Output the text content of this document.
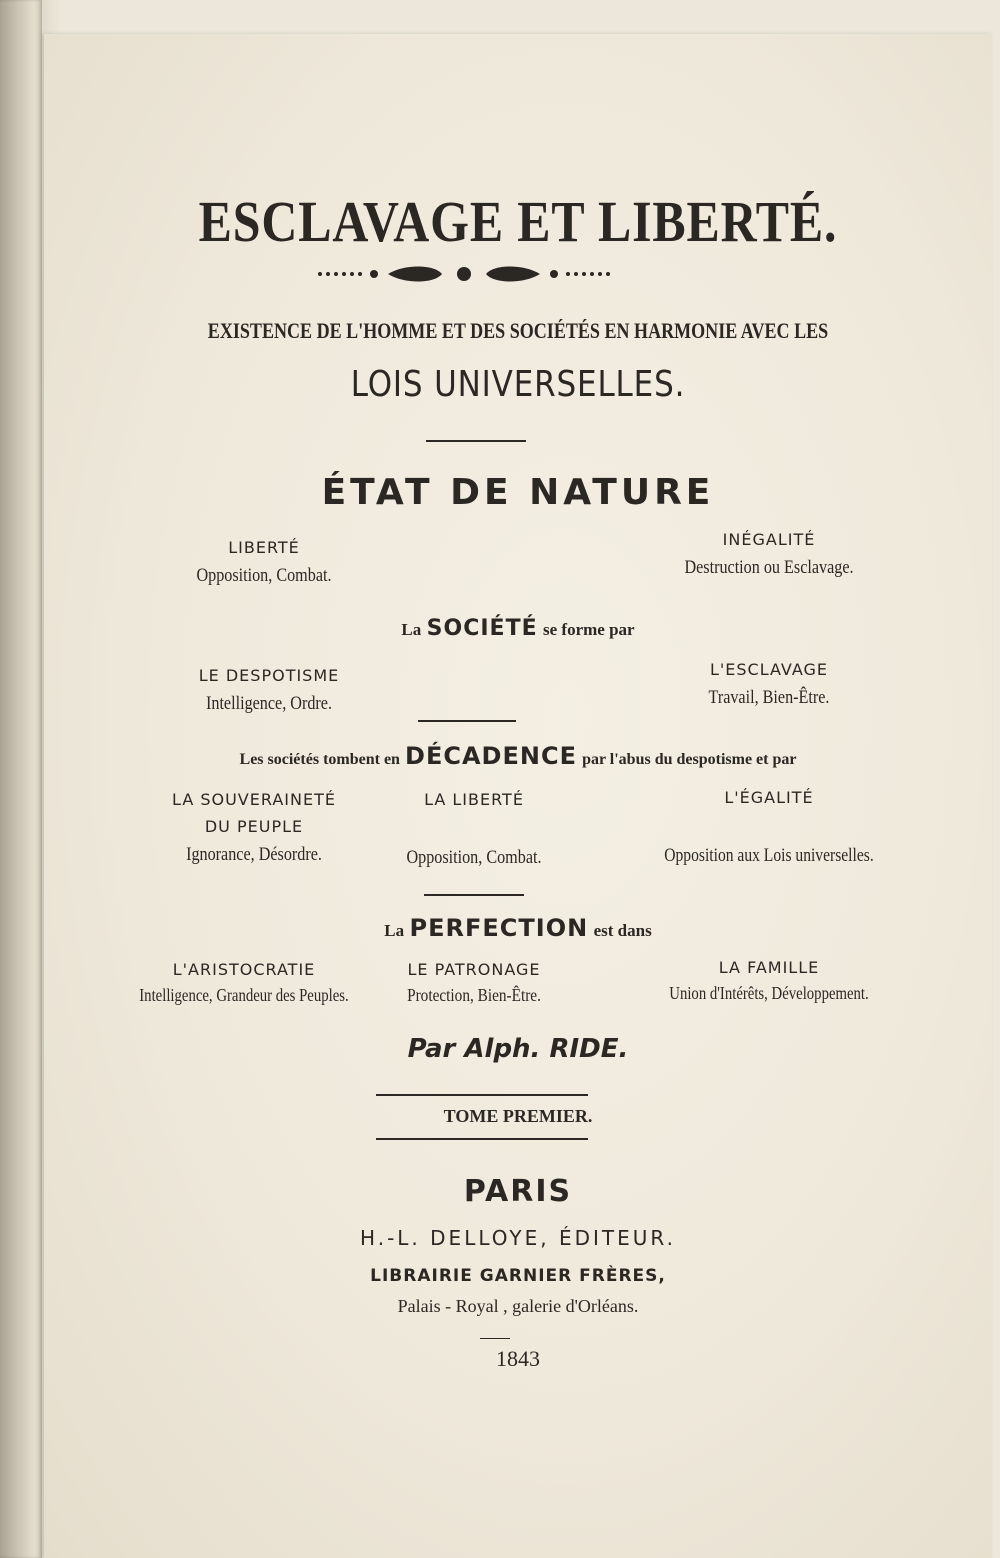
ESCLAVAGE ET LIBERTÉ.
EXISTENCE DE L'HOMME ET DES SOCIÉTÉS EN HARMONIE AVEC LES
LOIS UNIVERSELLES.
ÉTAT DE NATURE
LIBERTÉ
Opposition, Combat.
INÉGALITÉ
Destruction ou Esclavage.
La SOCIÉTÉ se forme par
LE DESPOTISME
Intelligence, Ordre.
L'ESCLAVAGE
Travail, Bien-Être.
Les sociétés tombent en DÉCADENCE par l'abus du despotisme et par
LA SOUVERAINETÉ
DU PEUPLE
Ignorance, Désordre.
LA LIBERTÉ
Opposition, Combat.
L'ÉGALITÉ
Opposition aux Lois universelles.
La PERFECTION est dans
L'ARISTOCRATIE
Intelligence, Grandeur des Peuples.
LE PATRONAGE
Protection, Bien-Être.
LA FAMILLE
Union d'Intérêts, Développement.
Par Alph. RIDE.
TOME PREMIER.
PARIS
H.-L. DELLOYE, ÉDITEUR.
LIBRAIRIE GARNIER FRÈRES,
Palais - Royal , galerie d'Orléans.
1843
